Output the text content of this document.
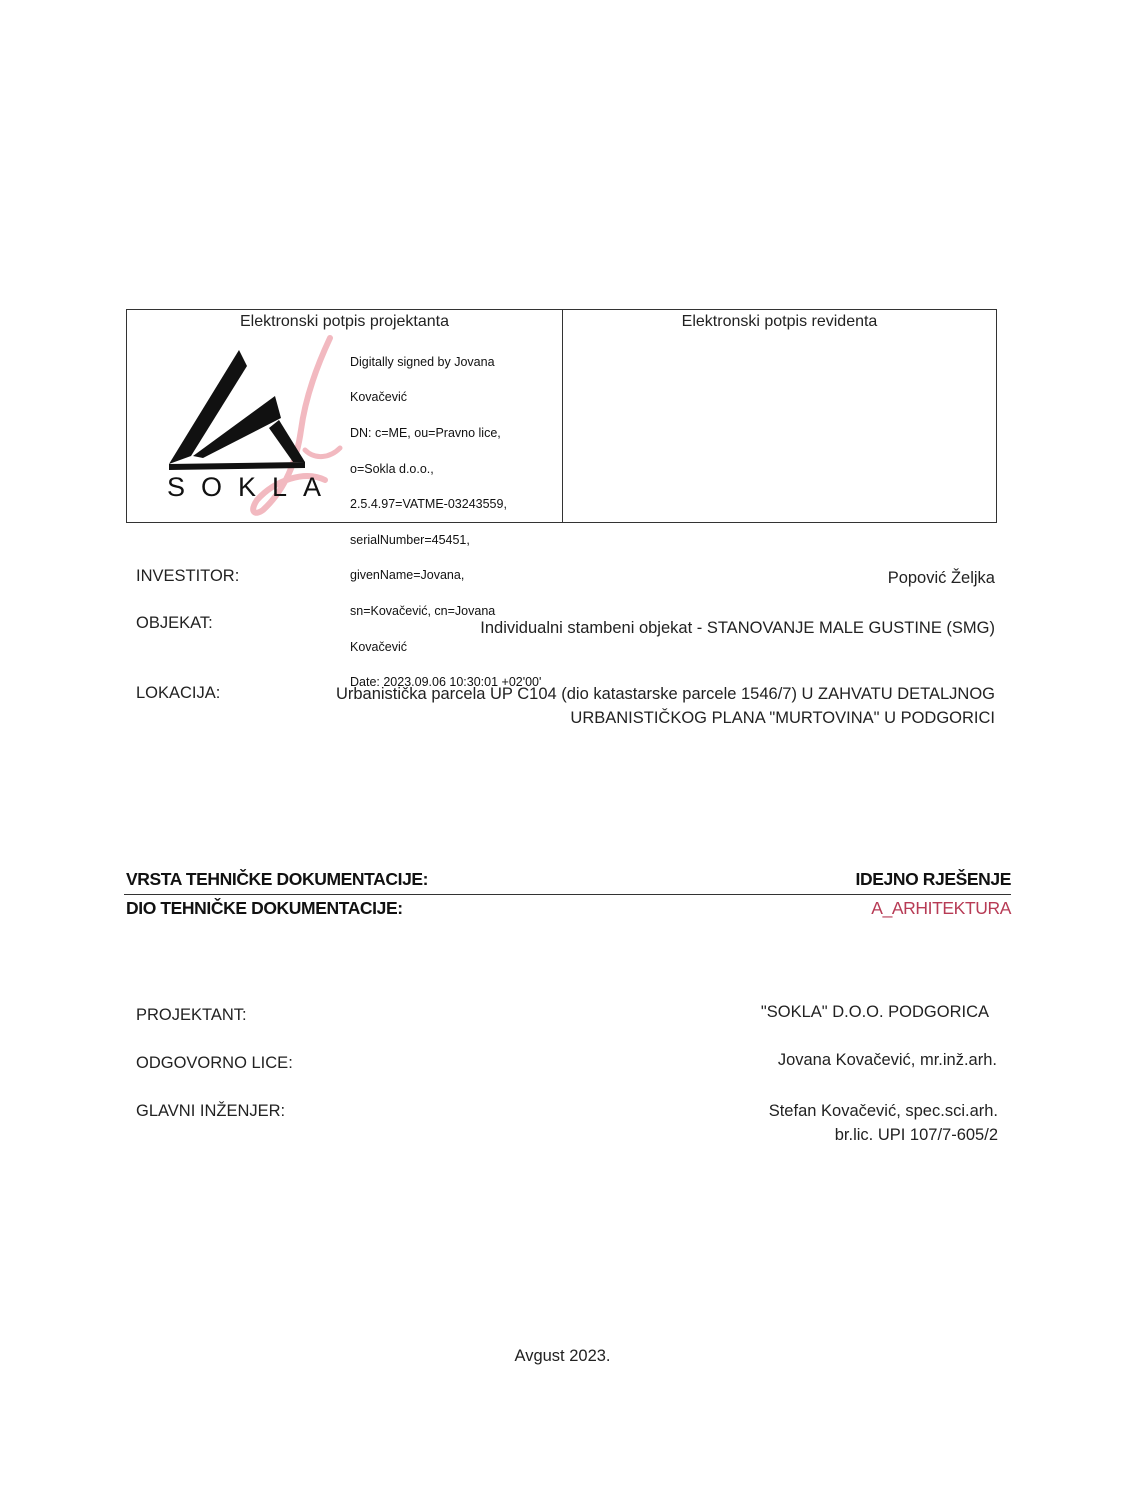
Elektronski potpis projektanta
SOKLA

Digitally signed by Jovana

Kovačević

DN: c=ME, ou=Pravno lice,

o=Sokla d.o.o.,

2.5.4.97=VATME-03243559,

serialNumber=45451,

givenName=Jovana,

sn=Kovačević, cn=Jovana

Kovačević

Date: 2023.09.06 10:30:01 +02'00'

Elektronski potpis revidenta
INVESTITOR:	Popović Željka
OBJEKAT:	Individualni stambeni objekat - STANOVANJE MALE GUSTINE (SMG)
LOKACIJA:	Urbanistička parcela UP C104 (dio katastarske parcele 1546/7) U ZAHVATU DETALJNOG
URBANISTIČKOG PLANA "MURTOVINA" U PODGORICI
VRSTA TEHNIČKE DOKUMENTACIJE:	IDEJNO RJEŠENJE
DIO TEHNIČKE DOKUMENTACIJE:	A_ARHITEKTURA
PROJEKTANT:	"SOKLA" D.O.O. PODGORICA
ODGOVORNO LICE:	Jovana Kovačević, mr.inž.arh.
GLAVNI INŽENJER:	Stefan Kovačević, spec.sci.arh.
br.lic. UPI 107/7-605/2
Avgust 2023.
